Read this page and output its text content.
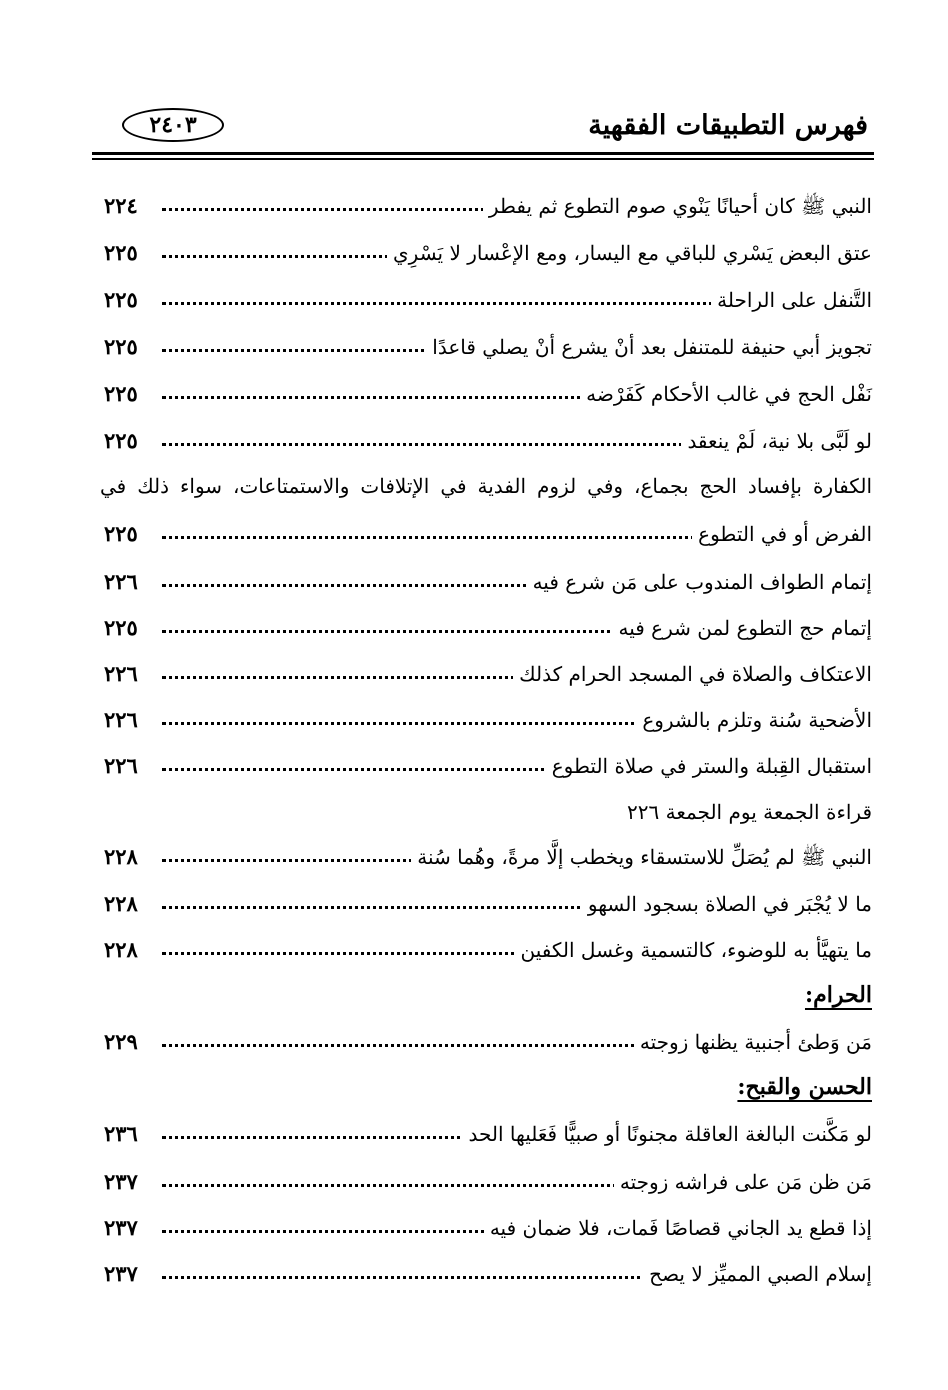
فهرس التطبيقات الفقهية
٢٤٠٣
النبي ﷺ كان أحيانًا يَنْوي صوم التطوع ثم يفطر
٢٢٤
عتق البعض يَسْري للباقي مع اليسار، ومع الإعْسار لا يَسْرِي
٢٢٥
التَّنفل على الراحلة
٢٢٥
تجويز أبي حنيفة للمتنفل بعد أنْ يشرع أنْ يصلي قاعدًا
٢٢٥
نَفْل الحج في غالب الأحكام كَفَرْضه
٢٢٥
لو لَبَّى بلا نية، لَمْ ينعقد
٢٢٥
الكفارة بإفساد الحج بجماع، وفي لزوم الفدية في الإتلافات والاستمتاعات، سواء ذلك في
الفرض أو في التطوع
٢٢٥
إتمام الطواف المندوب على مَن شرع فيه
٢٢٦
إتمام حج التطوع لمن شرع فيه
٢٢٥
الاعتكاف والصلاة في المسجد الحرام كذلك
٢٢٦
الأضحية سُنة وتلزم بالشروع
٢٢٦
استقبال القِبلة والستر في صلاة التطوع
٢٢٦
قراءة الجمعة يوم الجمعة ٢٢٦
النبي ﷺ لم يُصَلِّ للاستسقاء ويخطب إلَّا مرةً، وهُما سُنة
٢٢٨
ما لا يُجْبَر في الصلاة بسجود السهو
٢٢٨
ما يتهيَّأ به للوضوء، كالتسمية وغسل الكفين
٢٢٨
الحرام:
مَن وَطئ أجنبية يظنها زوجته
٢٢٩
الحسن والقبح:
لو مَكَّنت البالغة العاقلة مجنونًا أو صبيًّا فَعَليها الحد
٢٣٦
مَن ظن مَن على فراشه زوجته
٢٣٧
إذا قطع يد الجاني قصاصًا فَمات، فلا ضمان فيه
٢٣٧
إسلام الصبي المميِّز لا يصح
٢٣٧
